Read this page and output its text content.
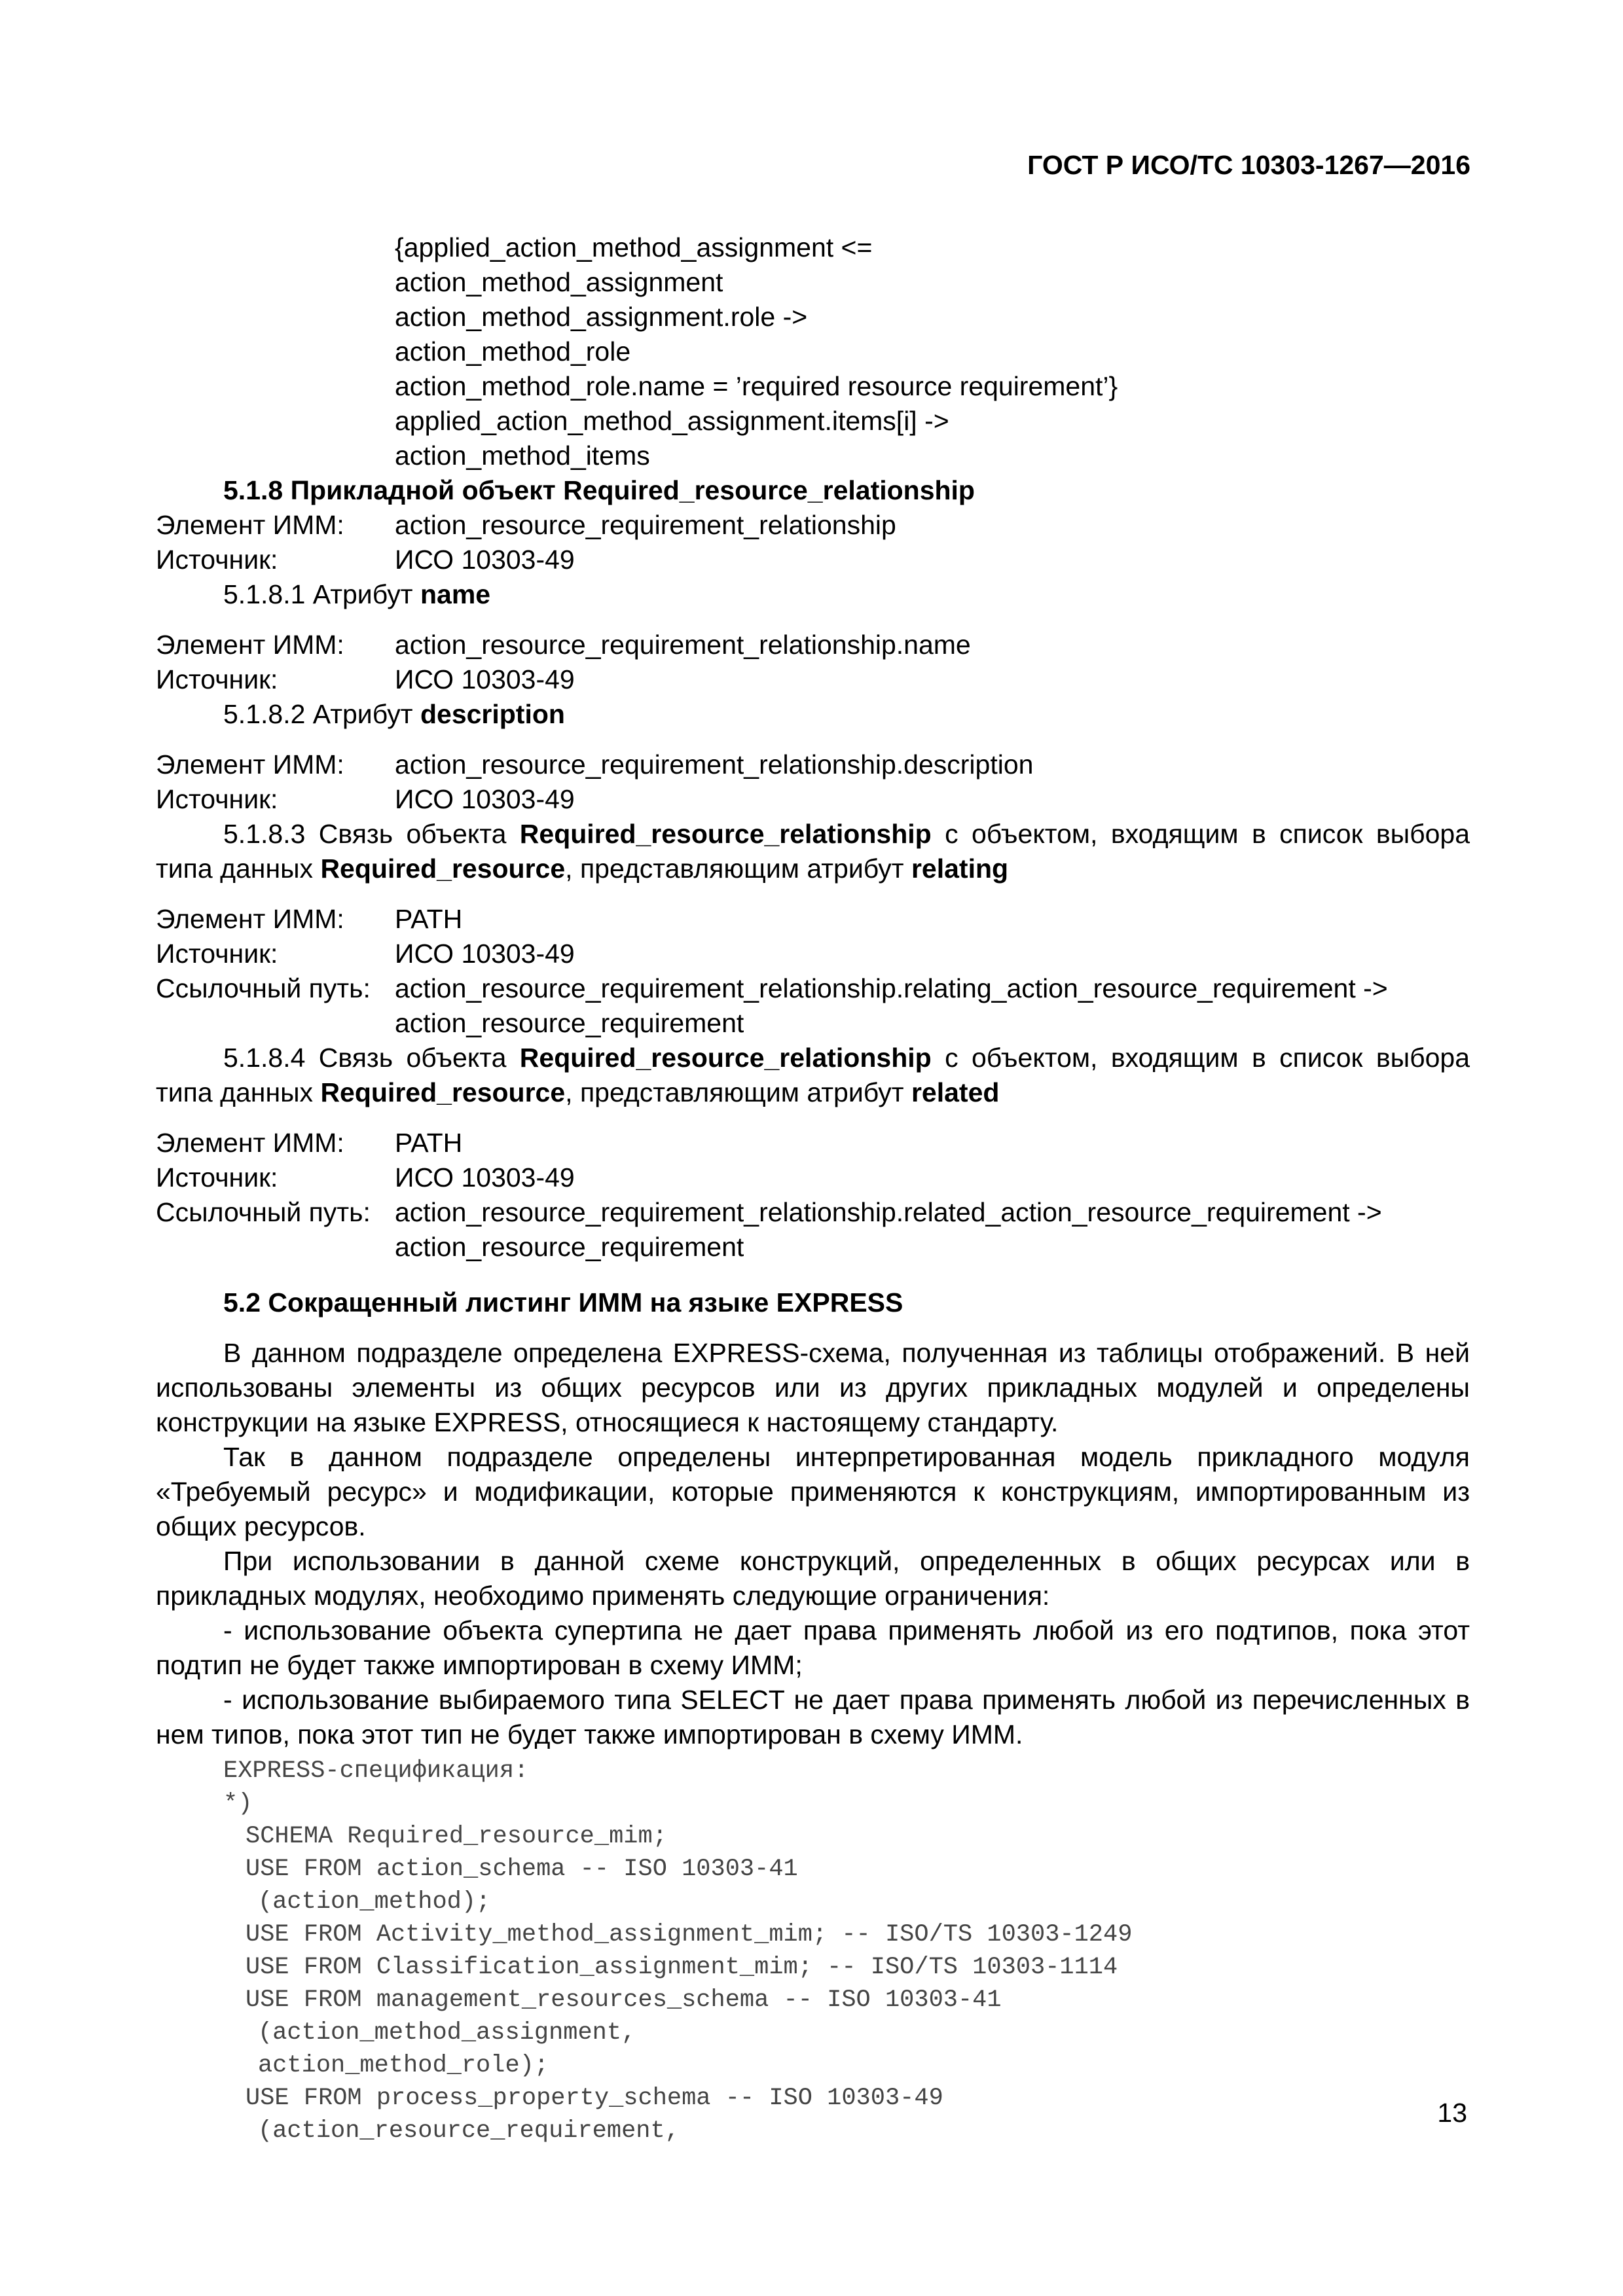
ГОСТ Р ИСО/ТС 10303-1267—2016
{applied_action_method_assignment <=
action_method_assignment
action_method_assignment.role ->
action_method_role
action_method_role.name = ’required resource requirement’}
applied_action_method_assignment.items[i] ->
action_method_items
5.1.8 Прикладной объект Required_resource_relationship
Элемент ИММ:	action_resource_requirement_relationship
Источник:	ИСО 10303-49
5.1.8.1 Атрибут name
Элемент ИММ:	action_resource_requirement_relationship.name
Источник:	ИСО 10303-49
5.1.8.2 Атрибут description
Элемент ИММ:	action_resource_requirement_relationship.description
Источник:	ИСО 10303-49
5.1.8.3 Связь объекта Required_resource_relationship с объектом, входящим в список выбора типа данных Required_resource, представляющим атрибут relating
Элемент ИММ:	PATH
Источник:	ИСО 10303-49
Ссылочный путь: action_resource_requirement_relationship.relating_action_resource_requirement ->
action_resource_requirement
5.1.8.4 Связь объекта Required_resource_relationship с объектом, входящим в список выбора типа данных Required_resource, представляющим атрибут related
Элемент ИММ:	PATH
Источник:	ИСО 10303-49
Ссылочный путь: action_resource_requirement_relationship.related_action_resource_requirement ->
action_resource_requirement
5.2 Сокращенный листинг ИММ на языке EXPRESS
В данном подразделе определена EXPRESS-схема, полученная из таблицы отображений. В ней использованы элементы из общих ресурсов или из других прикладных модулей и определены конструкции на языке EXPRESS, относящиеся к настоящему стандарту.
Так в данном подразделе определены интерпретированная модель прикладного модуля «Требуемый ресурс» и модификации, которые применяются к конструкциям, импортированным из общих ресурсов.
При использовании в данной схеме конструкций, определенных в общих ресурсах или в прикладных модулях, необходимо применять следующие ограничения:
- использование объекта супертипа не дает права применять любой из его подтипов, пока этот подтип не будет также импортирован в схему ИММ;
- использование выбираемого типа SELECT не дает права применять любой из перечисленных в нем типов, пока этот тип не будет также импортирован в схему ИММ.
EXPRESS-спецификация:
*)
SCHEMA Required_resource_mim;
USE FROM action_schema -- ISO 10303-41
(action_method);
USE FROM Activity_method_assignment_mim; -- ISO/TS 10303-1249
USE FROM Classification_assignment_mim; -- ISO/TS 10303-1114
USE FROM management_resources_schema -- ISO 10303-41
(action_method_assignment,
action_method_role);
USE FROM process_property_schema -- ISO 10303-49
(action_resource_requirement,
13
